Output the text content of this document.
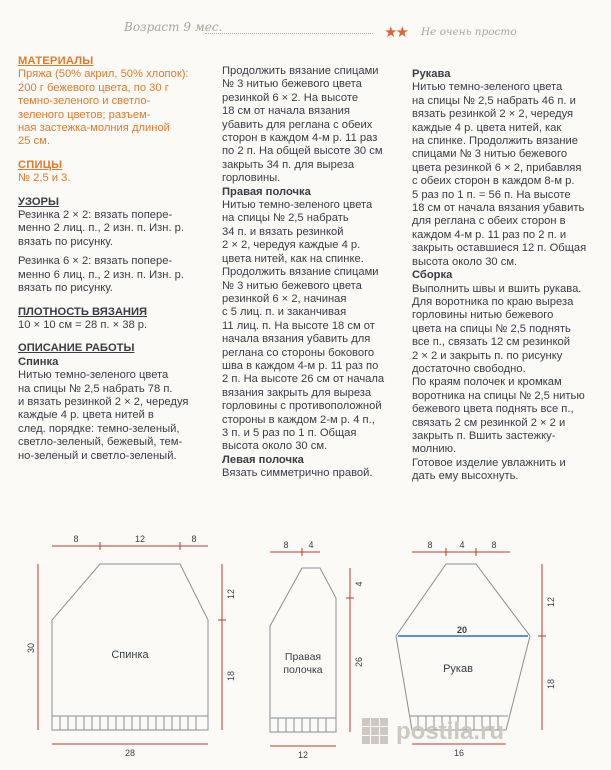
Возраст 9 мес.	★★ Не очень просто

МАТЕРИАЛЫ

Пряжа (50% акрил, 50% хлопок):

200 г бежевого цвета, по 30 г

темно-зеленого и светло-

зеленого цветов; разъем-

ная застежка-молния длиной

25 см.

СПИЦЫ

№ 2,5 и 3.

УЗОРЫ

Резинка 2 × 2: вязать попере-

менно 2 лиц. п., 2 изн. п. Изн. р.

вязать по рисунку.

Резинка 6 × 2: вязать попере-

менно 6 лиц. п., 2 изн. п. Изн. р.

вязать по рисунку.

ПЛОТНОСТЬ ВЯЗАНИЯ

10 × 10 см = 28 п. × 38 р.

ОПИСАНИЕ РАБОТЫ

Спинка

Нитью темно-зеленого цвета

на спицы № 2,5 набрать 78 п.

и вязать резинкой 2 × 2, чередуя

каждые 4 р. цвета нитей в

след. порядке: темно-зеленый,

светло-зеленый, бежевый, тем-

но-зеленый и светло-зеленый.

Продолжить вязание спицами

№ 3 нитью бежевого цвета

резинкой 6 × 2. На высоте

18 см от начала вязания

убавить для реглана с обеих

сторон в каждом 4-м р. 11 раз

по 2 п. На общей высоте 30 см

закрыть 34 п. для выреза

горловины.

Правая полочка

Нитью темно-зеленого цвета

на спицы № 2,5 набрать

34 п. и вязать резинкой

2 × 2, чередуя каждые 4 р.

цвета нитей, как на спинке.

Продолжить вязание спицами

№ 3 нитью бежевого цвета

резинкой 6 × 2, начиная

с 5 лиц. п. и заканчивая

11 лиц. п. На высоте 18 см от

начала вязания убавить для

реглана со стороны бокового

шва в каждом 4-м р. 11 раз по

2 п. На высоте 26 см от начала

вязания закрыть для выреза

горловины с противоположной

стороны в каждом 2-м р. 4 п.,

3 п. и 5 раз по 1 п. Общая

высота около 30 см.

Левая полочка

Вязать симметрично правой.

Рукава

Нитью темно-зеленого цвета

на спицы № 2,5 набрать 46 п. и

вязать резинкой 2 × 2, чередуя

каждые 4 р. цвета нитей, как

на спинке. Продолжить вязание

спицами № 3 нитью бежевого

цвета резинкой 6 × 2, прибавляя

с обеих сторон в каждом 8-м р.

5 раз по 1 п. = 56 п. На высоте

18 см от начала вязания убавить

для реглана с обеих сторон в

каждом 4-м р. 11 раз по 2 п. и

закрыть оставшиеся 12 п. Общая

высота около 30 см.

Сборка

Выполнить швы и вшить рукава.

Для воротника по краю выреза

горловины нитью бежевого

цвета на спицы № 2,5 поднять

все п., связать 12 см резинкой

2 × 2 и закрыть п. по рисунку

достаточно свободно.

По краям полочек и кромкам

воротника на спицы № 2,5 нитью

бежевого цвета поднять все п.,

связать 2 см резинкой 2 × 2 и

закрыть п. Вшить застежку-

молнию.

Готовое изделие увлажнить и

дать ему высохнуть.

8	12	8
28
30
12
18
Спинка
8 4
4
26
12
Правая
полочка
8	4	8
20
12
18
16
Рукав
postila.ru
